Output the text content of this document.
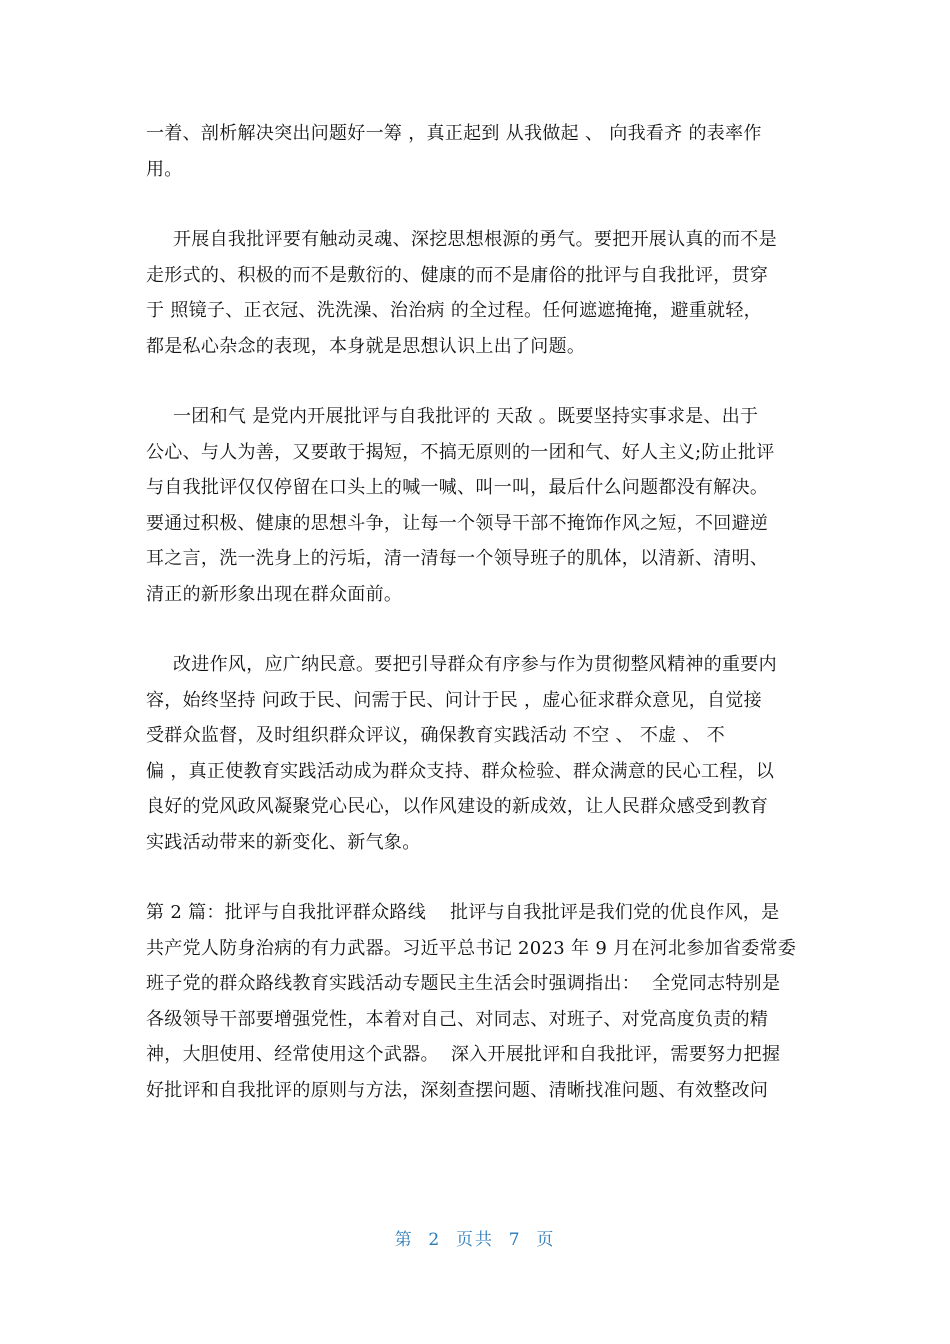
一着、剖析解决突出问题好一筹 ，真正起到 从我做起 、 向我看齐 的表率作
用。

开展自我批评要有触动灵魂、深挖思想根源的勇气。要把开展认真的而不是
走形式的、积极的而不是敷衍的、健康的而不是庸俗的批评与自我批评，贯穿
于 照镜子、正衣冠、洗洗澡、治治病 的全过程。任何遮遮掩掩，避重就轻，
都是私心杂念的表现，本身就是思想认识上出了问题。

一团和气 是党内开展批评与自我批评的 天敌 。既要坚持实事求是、出于
公心、与人为善，又要敢于揭短，不搞无原则的一团和气、好人主义;防止批评
与自我批评仅仅停留在口头上的喊一喊、叫一叫，最后什么问题都没有解决。
要通过积极、健康的思想斗争，让每一个领导干部不掩饰作风之短，不回避逆
耳之言，洗一洗身上的污垢，清一清每一个领导班子的肌体，以清新、清明、
清正的新形象出现在群众面前。

改进作风，应广纳民意。要把引导群众有序参与作为贯彻整风精神的重要内
容，始终坚持 问政于民、问需于民、问计于民 ，虚心征求群众意见，自觉接
受群众监督，及时组织群众评议，确保教育实践活动 不空 、 不虚 、 不
偏 ，真正使教育实践活动成为群众支持、群众检验、群众满意的民心工程，以
良好的党风政风凝聚党心民心，以作风建设的新成效，让人民群众感受到教育
实践活动带来的新变化、新气象。

第 2 篇：批评与自我批评群众路线    批评与自我批评是我们党的优良作风，是
共产党人防身治病的有力武器。习近平总书记 2023 年 9 月在河北参加省委常委
班子党的群众路线教育实践活动专题民主生活会时强调指出：  全党同志特别是
各级领导干部要增强党性，本着对自己、对同志、对班子、对党高度负责的精
神，大胆使用、经常使用这个武器。  深入开展批评和自我批评，需要努力把握
好批评和自我批评的原则与方法，深刻查摆问题、清晰找准问题、有效整改问

第  2  页共  7  页
